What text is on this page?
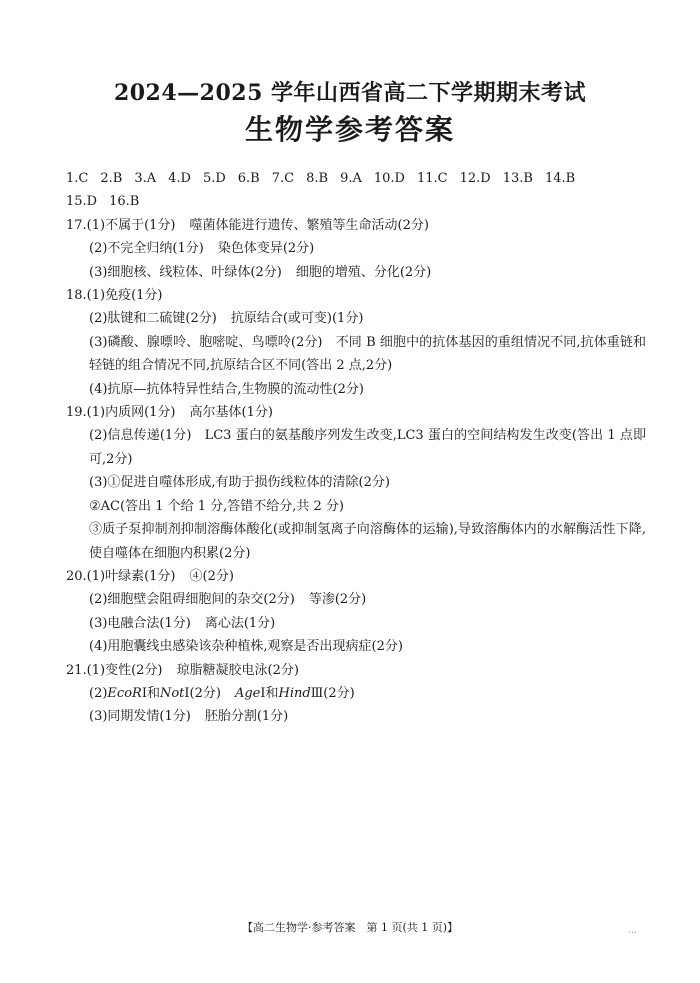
2024—2025 学年山西省高二下学期期末考试
生物学参考答案
1.C 2.B 3.A 4.D 5.D 6.B 7.C 8.B 9.A 10.D 11.C 12.D 13.B 14.B
15.D 16.B
17.(1)不属于(1分) 噬菌体能进行遗传、繁殖等生命活动(2分)
(2)不完全归纳(1分) 染色体变异(2分)
(3)细胞核、线粒体、叶绿体(2分) 细胞的增殖、分化(2分)
18.(1)免疫(1分)
(2)肽键和二硫键(2分) 抗原结合(或可变)(1分)
(3)磷酸、腺嘌呤、胞嘧啶、鸟嘌呤(2分)　不同 B 细胞中的抗体基因的重组情况不同,抗体重链和轻链的组合情况不同,抗原结合区不同(答出 2 点,2分)
(4)抗原—抗体特异性结合,生物膜的流动性(2分)
19.(1)内质网(1分) 高尔基体(1分)
(2)信息传递(1分)　LC3 蛋白的氨基酸序列发生改变,LC3 蛋白的空间结构发生改变(答出 1 点即可,2分)
(3)①促进自噬体形成,有助于损伤线粒体的清除(2分)
②AC(答出 1 个给 1 分,答错不给分,共 2 分)
③质子泵抑制剂抑制溶酶体酸化(或抑制氢离子向溶酶体的运输),导致溶酶体内的水解酶活性下降,使自噬体在细胞内积累(2分)
20.(1)叶绿素(1分) ④(2分)
(2)细胞壁会阻碍细胞间的杂交(2分) 等渗(2分)
(3)电融合法(1分) 离心法(1分)
(4)用胞囊线虫感染该杂种植株,观察是否出现病症(2分)
21.(1)变性(2分) 琼脂糖凝胶电泳(2分)
(2)EcoRⅠ和NotⅠ(2分) AgeⅠ和HindⅢ(2分)
(3)同期发情(1分) 胚胎分割(1分)
【高二生物学·参考答案　第 1 页(共 1 页)】	…
